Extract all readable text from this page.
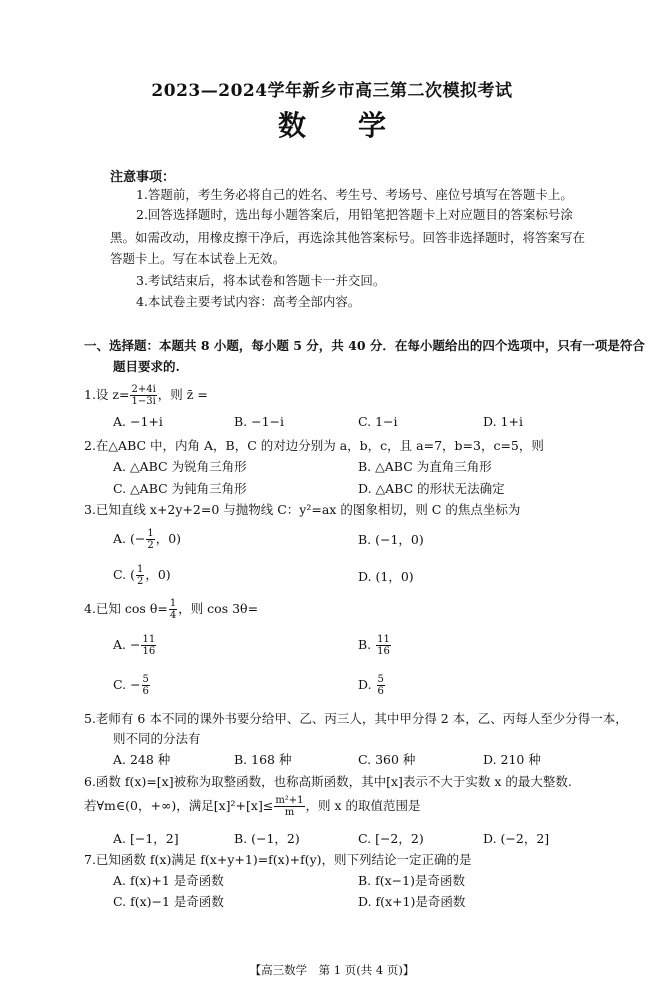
2023—2024学年新乡市高三第二次模拟考试
数 学
注意事项：
1.答题前，考生务必将自己的姓名、考生号、考场号、座位号填写在答题卡上。
2.回答选择题时，选出每小题答案后，用铅笔把答题卡上对应题目的答案标号涂
黑。如需改动，用橡皮擦干净后，再选涂其他答案标号。回答非选择题时，将答案写在
答题卡上。写在本试卷上无效。
3.考试结束后，将本试卷和答题卡一并交回。
4.本试卷主要考试内容：高考全部内容。
一、选择题：本题共 8 小题，每小题 5 分，共 40 分．在每小题给出的四个选项中，只有一项是符合
题目要求的.
1.设 $z= \frac{2+4i}{1-3i}$ ，则 z̄ =
A. −1+i	B. −1−i	C. 1−i	D. 1+i
2.在△ABC 中，内角 A，B，C 的对边分别为 a，b，c，且 a=7，b=3，c=5，则
A. △ABC 为锐角三角形	B. △ABC 为直角三角形
C. △ABC 为钝角三角形	D. △ABC 的形状无法确定
3.已知直线 x+2y+2=0 与抛物线 C：y²=ax 的图象相切，则 C 的焦点坐标为
A. (− $\frac{1}{2}$ ，0)	B. (−1，0)
C. ( $\frac{1}{2}$ ，0)	D. (1，0)
4.已知 $\cos \theta= \frac{1}{4}$ ，则 cos 3θ=
A. − $\frac{11}{16}$	B. $\frac{11}{16}$
C. − $\frac{5}{6}$	D. $\frac{5}{6}$
5.老师有 6 本不同的课外书要分给甲、乙、丙三人，其中甲分得 2 本，乙、丙每人至少分得一本，
则不同的分法有
A. 248 种	B. 168 种	C. 360 种	D. 210 种
6.函数 f(x)=[x]被称为取整函数，也称高斯函数，其中[x]表示不大于实数 x 的最大整数.
若∀m∈(0，+∞)，满足$[x]^2+[x]\le \frac{\text{m²+1}}{m}$ ，则 x 的取值范围是
A. [−1，2]	B. (−1，2)	C. [−2，2)	D. (−2，2]
7.已知函数 f(x)满足 f(x+y+1)=f(x)+f(y)，则下列结论一定正确的是
A. f(x)+1 是奇函数	B. f(x−1)是奇函数
C. f(x)−1 是奇函数	D. f(x+1)是奇函数
【高三数学　第 1 页(共 4 页)】
